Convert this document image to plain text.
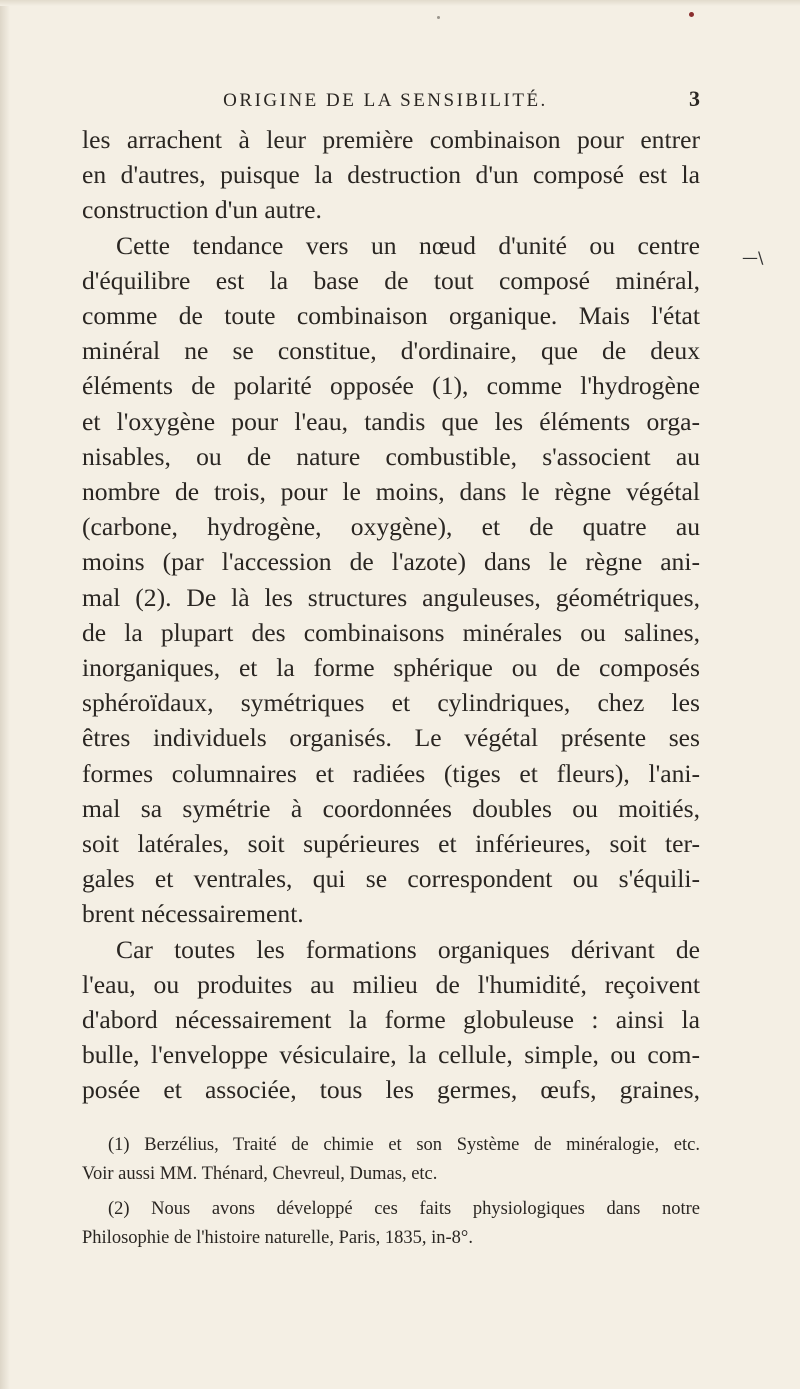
ORIGINE DE LA SENSIBILITÉ.	3
—\
les arrachent à leur première combinaison pour entrer
en d'autres, puisque la destruction d'un composé est la
construction d'un autre.
Cette tendance vers un nœud d'unité ou centre
d'équilibre est la base de tout composé minéral,
comme de toute combinaison organique. Mais l'état
minéral ne se constitue, d'ordinaire, que de deux
éléments de polarité opposée (1), comme l'hydrogène
et l'oxygène pour l'eau, tandis que les éléments orga-
nisables, ou de nature combustible, s'associent au
nombre de trois, pour le moins, dans le règne végétal
(carbone, hydrogène, oxygène), et de quatre au
moins (par l'accession de l'azote) dans le règne ani-
mal (2). De là les structures anguleuses, géométriques,
de la plupart des combinaisons minérales ou salines,
inorganiques, et la forme sphérique ou de composés
sphéroïdaux, symétriques et cylindriques, chez les
êtres individuels organisés. Le végétal présente ses
formes columnaires et radiées (tiges et fleurs), l'ani-
mal sa symétrie à coordonnées doubles ou moitiés,
soit latérales, soit supérieures et inférieures, soit ter-
gales et ventrales, qui se correspondent ou s'équili-
brent nécessairement.
Car toutes les formations organiques dérivant de
l'eau, ou produites au milieu de l'humidité, reçoivent
d'abord nécessairement la forme globuleuse : ainsi la
bulle, l'enveloppe vésiculaire, la cellule, simple, ou com-
posée et associée, tous les germes, œufs, graines,
(1) Berzélius, Traité de chimie et son Système de minéralogie, etc.
Voir aussi MM. Thénard, Chevreul, Dumas, etc.
(2) Nous avons développé ces faits physiologiques dans notre
Philosophie de l'histoire naturelle, Paris, 1835, in-8°.
